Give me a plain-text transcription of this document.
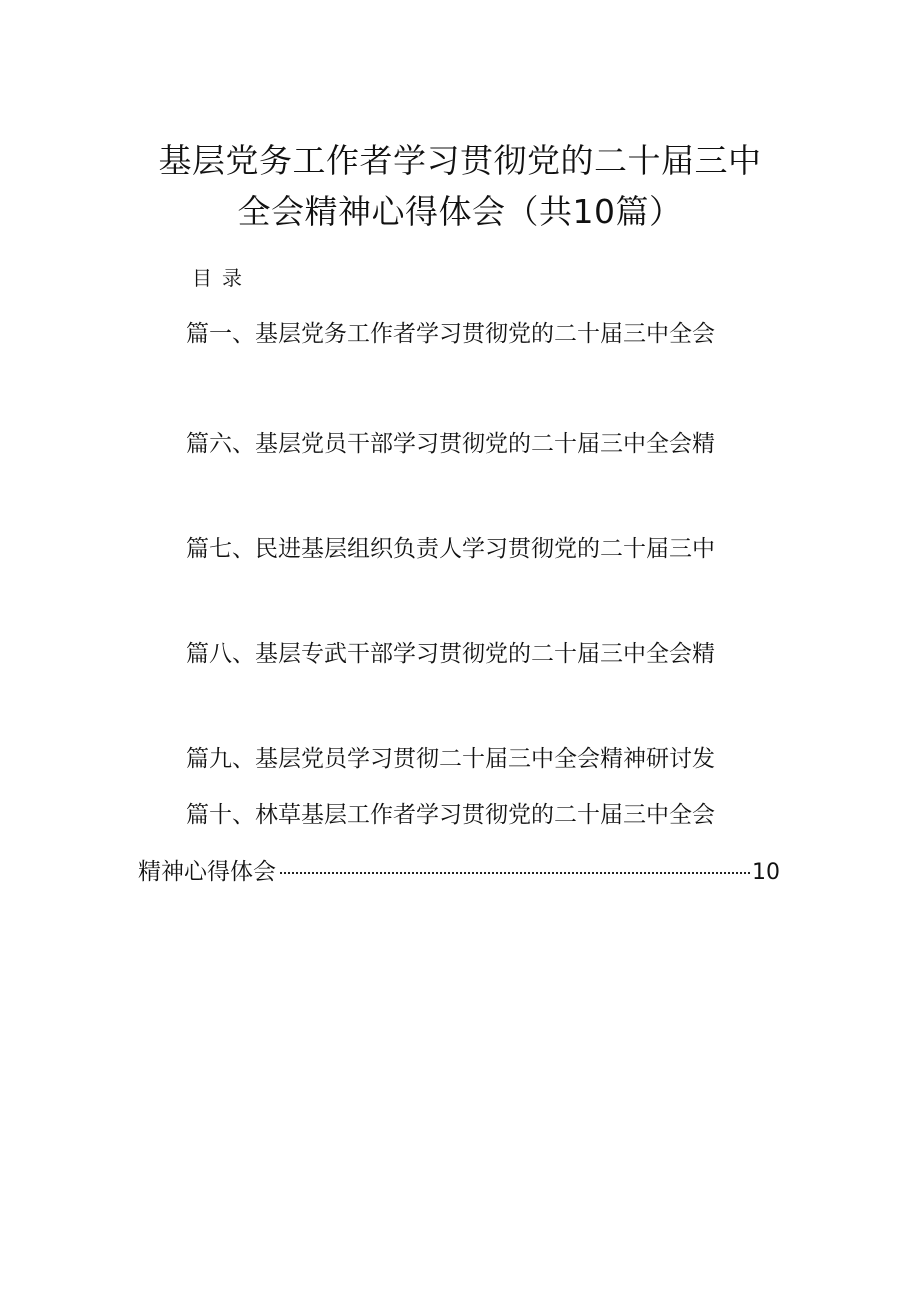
基层党务工作者学习贯彻党的二十届三中
全会精神心得体会（共10篇）
目录
篇一、基层党务工作者学习贯彻党的二十届三中全会
篇六、基层党员干部学习贯彻党的二十届三中全会精
篇七、民进基层组织负责人学习贯彻党的二十届三中
篇八、基层专武干部学习贯彻党的二十届三中全会精
篇九、基层党员学习贯彻二十届三中全会精神研讨发
篇十、林草基层工作者学习贯彻党的二十届三中全会
精神心得体会	10
